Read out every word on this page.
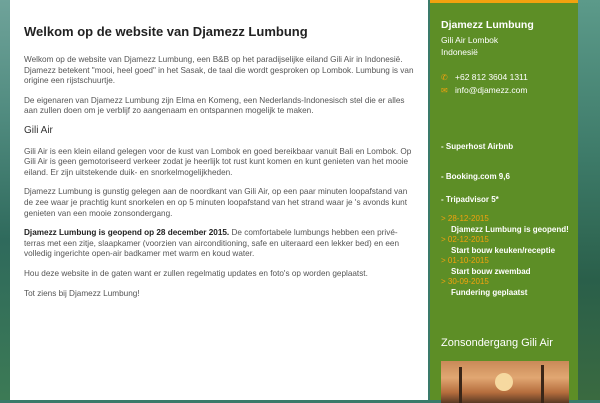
Welkom op de website van Djamezz Lumbung

Welkom op de website van Djamezz Lumbung, een B&B op het paradijselijke eiland Gili Air in Indonesië.
Djamezz betekent "mooi, heel goed" in het Sasak, de taal die wordt gesproken op Lombok. Lumbung is van origine een rijstschuurtje.

De eigenaren van Djamezz Lumbung zijn Elma en Komeng, een Nederlands-Indonesisch stel die er alles aan zullen doen om je verblijf zo aangenaam en ontspannen mogelijk te maken.

Gili Air

Gili Air is een klein eiland gelegen voor de kust van Lombok en goed bereikbaar vanuit Bali en Lombok. Op Gili Air is geen gemotoriseerd verkeer zodat je heerlijk tot rust kunt komen en kunt genieten van het mooie eiland. Er zijn uitstekende duik- en snorkelmogelijkheden.

Djamezz Lumbung is gunstig gelegen aan de noordkant van Gili Air, op een paar minuten loopafstand van de zee waar je prachtig kunt snorkelen en op 5 minuten loopafstand van het strand waar je 's avonds kunt genieten van een mooie zonsondergang.

Djamezz Lumbung is geopend op 28 december 2015. De comfortabele lumbungs hebben een privé-terras met een zitje, slaapkamer (voorzien van airconditioning, safe en uiteraard een lekker bed) en een volledig ingerichte open-air badkamer met warm en koud water.

Hou deze website in de gaten want er zullen regelmatig updates en foto's op worden geplaatst.

Tot ziens bij Djamezz Lumbung!

Djamezz Lumbung
Gili Air Lombok
Indonesië
✆ +62 812 3604 1311
✉ info@djamezz.com
- Superhost Airbnb
- Booking.com 9,6
- Tripadvisor 5*
> 28-12-2015
Djamezz Lumbung is geopend!
> 02-12-2015
Start bouw keuken/receptie
> 01-10-2015
Start bouw zwembad
> 30-09-2015
Fundering geplaatst
Zonsondergang Gili Air
